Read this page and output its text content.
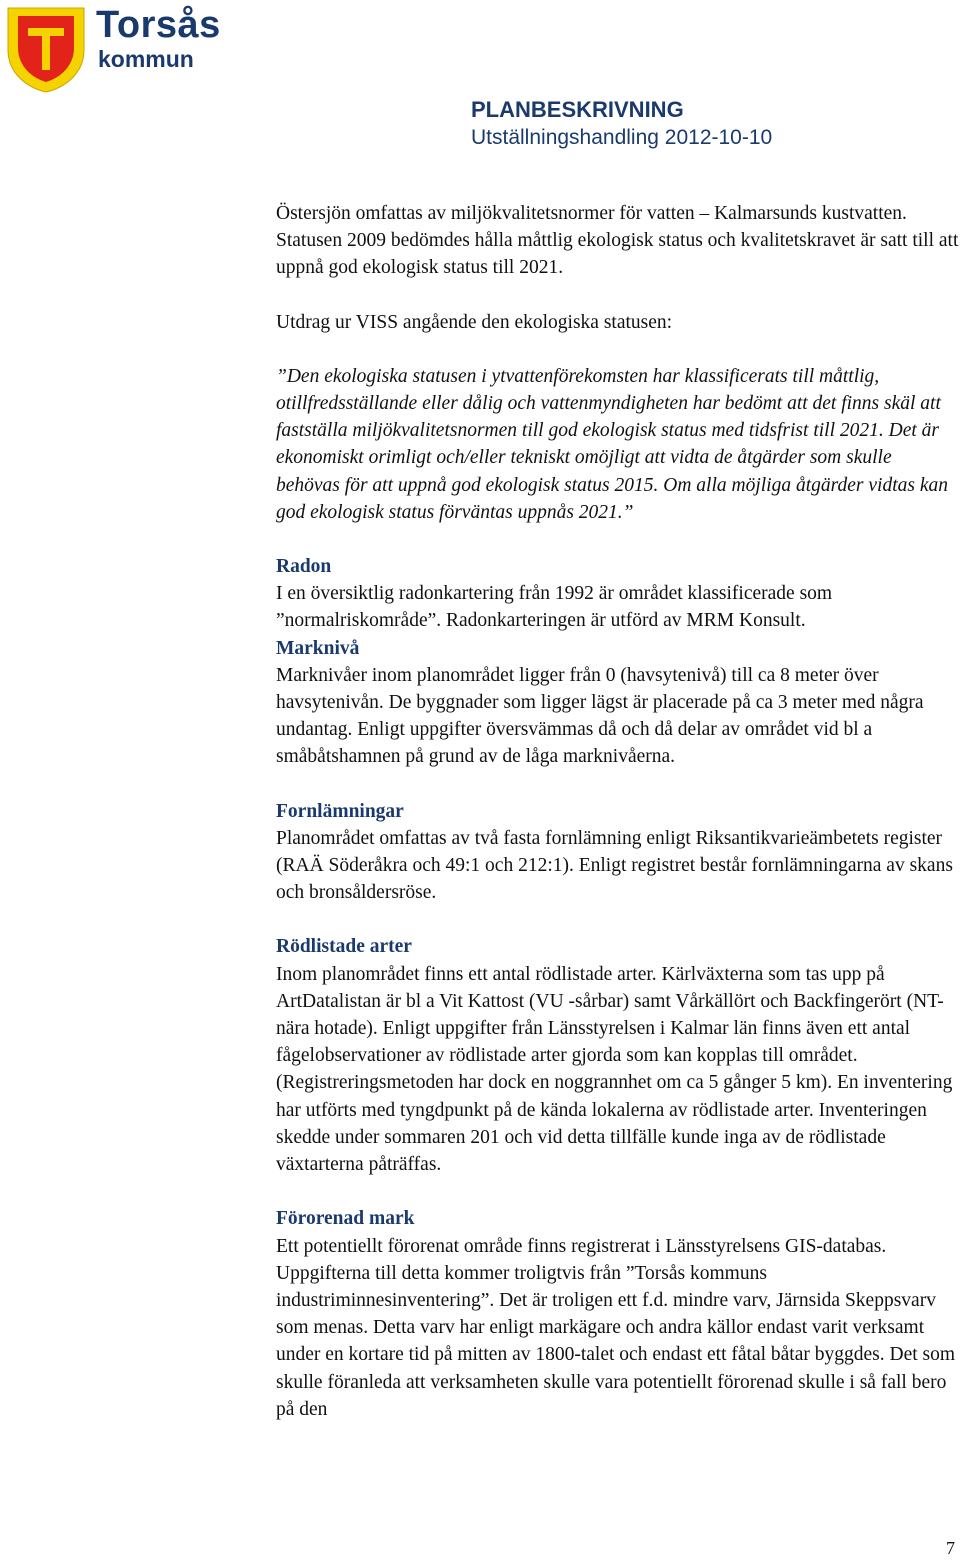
Torsås
kommun
PLANBESKRIVNING
Utställningshandling 2012-10-10

Östersjön omfattas av miljökvalitetsnormer för vatten – Kalmarsunds kustvatten. Statusen 2009 bedömdes hålla måttlig ekologisk status och kvalitetskravet är satt till att uppnå god ekologisk status till 2021.

Utdrag ur VISS angående den ekologiska statusen:

”Den ekologiska statusen i ytvattenförekomsten har klassificerats till måttlig, otillfredsställande eller dålig och vattenmyndigheten har bedömt att det finns skäl att fastställa miljökvalitetsnormen till god ekologisk status med tidsfrist till 2021. Det är ekonomiskt orimligt och/eller tekniskt omöjligt att vidta de åtgärder som skulle behövas för att uppnå god ekologisk status 2015. Om alla möjliga åtgärder vidtas kan god ekologisk status förväntas uppnås 2021.”

Radon

I en översiktlig radonkartering från 1992 är området klassificerade som ”normalriskområde”. Radonkarteringen är utförd av MRM Konsult.

Marknivå

Marknivåer inom planområdet ligger från 0 (havsytenivå) till ca 8 meter över havsytenivån. De byggnader som ligger lägst är placerade på ca 3 meter med några undantag. Enligt uppgifter översvämmas då och då delar av området vid bl a småbåtshamnen på grund av de låga marknivåerna.

Fornlämningar

Planområdet omfattas av två fasta fornlämning enligt Riksantikvarieämbetets register (RAÄ Söderåkra och 49:1 och 212:1). Enligt registret består fornlämningarna av skans och bronsåldersröse.

Rödlistade arter

Inom planområdet finns ett antal rödlistade arter. Kärlväxterna som tas upp på ArtDatalistan är bl a Vit Kattost (VU -sårbar) samt Vårkällört och Backfingerört (NT-nära hotade). Enligt uppgifter från Länsstyrelsen i Kalmar län finns även ett antal fågelobservationer av rödlistade arter gjorda som kan kopplas till området. (Registreringsmetoden har dock en noggrannhet om ca 5 gånger 5 km). En inventering har utförts med tyngdpunkt på de kända lokalerna av rödlistade arter. Inventeringen skedde under sommaren 201 och vid detta tillfälle kunde inga av de rödlistade växtarterna påträffas.

Förorenad mark

Ett potentiellt förorenat område finns registrerat i Länsstyrelsens GIS-databas. Uppgifterna till detta kommer troligtvis från ”Torsås kommuns industriminnesinventering”. Det är troligen ett f.d. mindre varv, Järnsida Skeppsvarv som menas. Detta varv har enligt markägare och andra källor endast varit verksamt under en kortare tid på mitten av 1800-talet och endast ett fåtal båtar byggdes. Det som skulle föranleda att verksamheten skulle vara potentiellt förorenad skulle i så fall bero på den

7
